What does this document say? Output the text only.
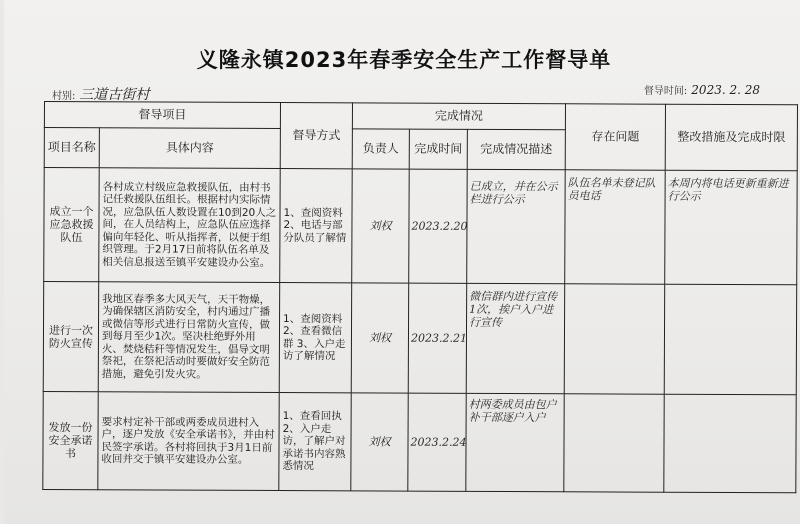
义隆永镇2023年春季安全生产工作督导单
村别: 三道古街村	督导时间: 2023. 2. 28
督导项目		督导方式	完成情况			存在问题	整改措施及完成时限
项目名称	具体内容		负责人	完成时间	完成情况描述		
成立一个应急救援队伍	各村成立村级应急救援队伍，由村书记任救援队伍组长。根据村内实际情况，应急队伍人数设置在10到20人之间，在人员结构上，应急队伍应选择偏向年轻化、听从指挥者，以便于组织管理。于2月17日前将队伍名单及相关信息报送至镇平安建设办公室。	1、查阅资料 2、电话与部分队员了解情	刘权	2023.2.20	已成立，并在公示栏进行公示	队伍名单未登记队员电话	本周内将电话更新重新进行公示
进行一次防火宣传	我地区春季多大风天气，天干物燥，为确保辖区消防安全，村内通过广播或微信等形式进行日常防火宣传，做到每月至少1次。坚决杜绝野外用火、焚烧秸秆等情况发生，倡导文明祭祀，在祭祀活动时要做好安全防范措施，避免引发火灾。	1、查阅资料 2、查看微信群 3、入户走访了解情况	刘权	2023.2.21	微信群内进行宣传1次，挨户入户进行宣传		
发放一份安全承诺书	要求村定补干部或两委成员进村入户，逐户发放《安全承诺书》，并由村民签字承诺。各村将回执于3月1日前收回并交于镇平安建设办公室。	1、查看回执 2、入户走访，了解户对承诺书内容熟悉情况	刘权	2023.2.24	村两委成员由包户补干部逐户入户		
